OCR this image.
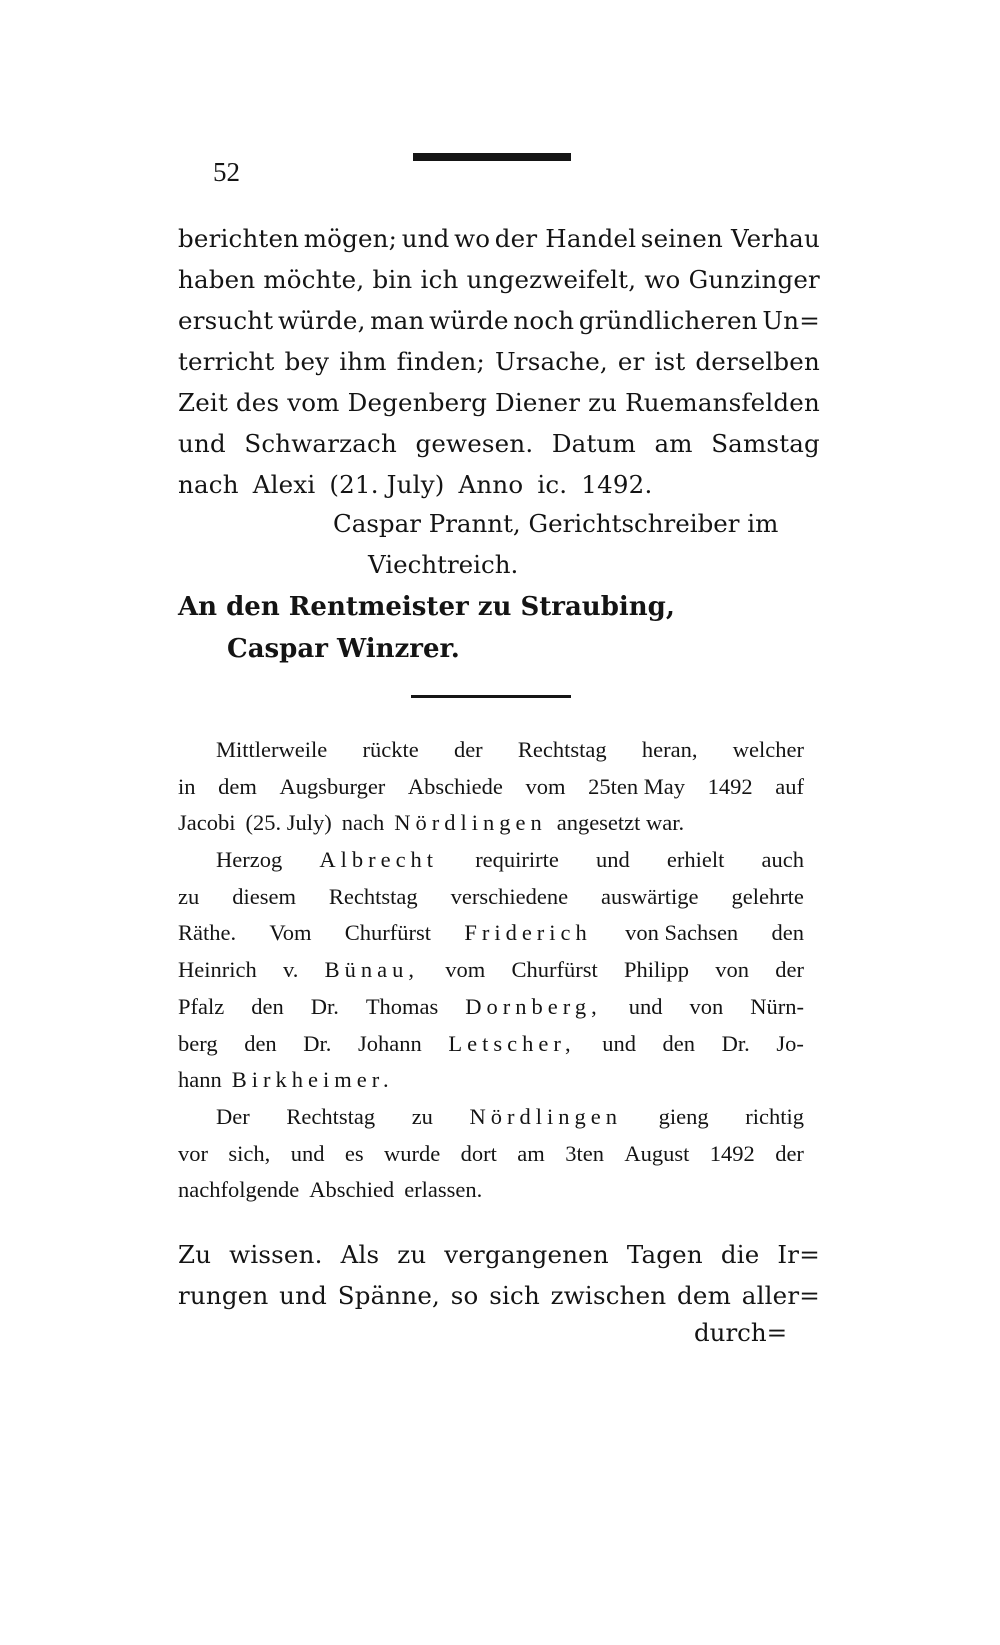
52
berichten mögen; und wo der Handel seinen Verhau
haben möchte, bin ich ungezweifelt, wo Gunzinger
ersucht würde, man würde noch gründlicheren Un=
terricht bey ihm finden; Ursache, er ist derselben
Zeit des vom Degenberg Diener zu Ruemansfelden
und Schwarzach gewesen. Datum am Samstag
nach Alexi (21. July) Anno ic. 1492.
Caspar Prannt, Gerichtschreiber im
Viechtreich.
An den Rentmeister zu Straubing,
Caspar Winzrer.
Mittlerweile rückte der Rechtstag heran, welcher
in dem Augsburger Abschiede vom 25ten May 1492 auf
Jacobi (25. July) nach Nördlingen angesetzt war.
Herzog Albrecht requirirte und erhielt auch
zu diesem Rechtstag verschiedene auswärtige gelehrte
Räthe. Vom Churfürst Friderich von Sachsen den
Heinrich v. Bünau, vom Churfürst Philipp von der
Pfalz den Dr. Thomas Dornberg, und von Nürn-
berg den Dr. Johann Letscher, und den Dr. Jo-
hann Birkheimer.
Der Rechtstag zu Nördlingen gieng richtig
vor sich, und es wurde dort am 3ten August 1492 der
nachfolgende Abschied erlassen.
Zu wissen. Als zu vergangenen Tagen die Ir=
rungen und Spänne, so sich zwischen dem aller=
durch=
